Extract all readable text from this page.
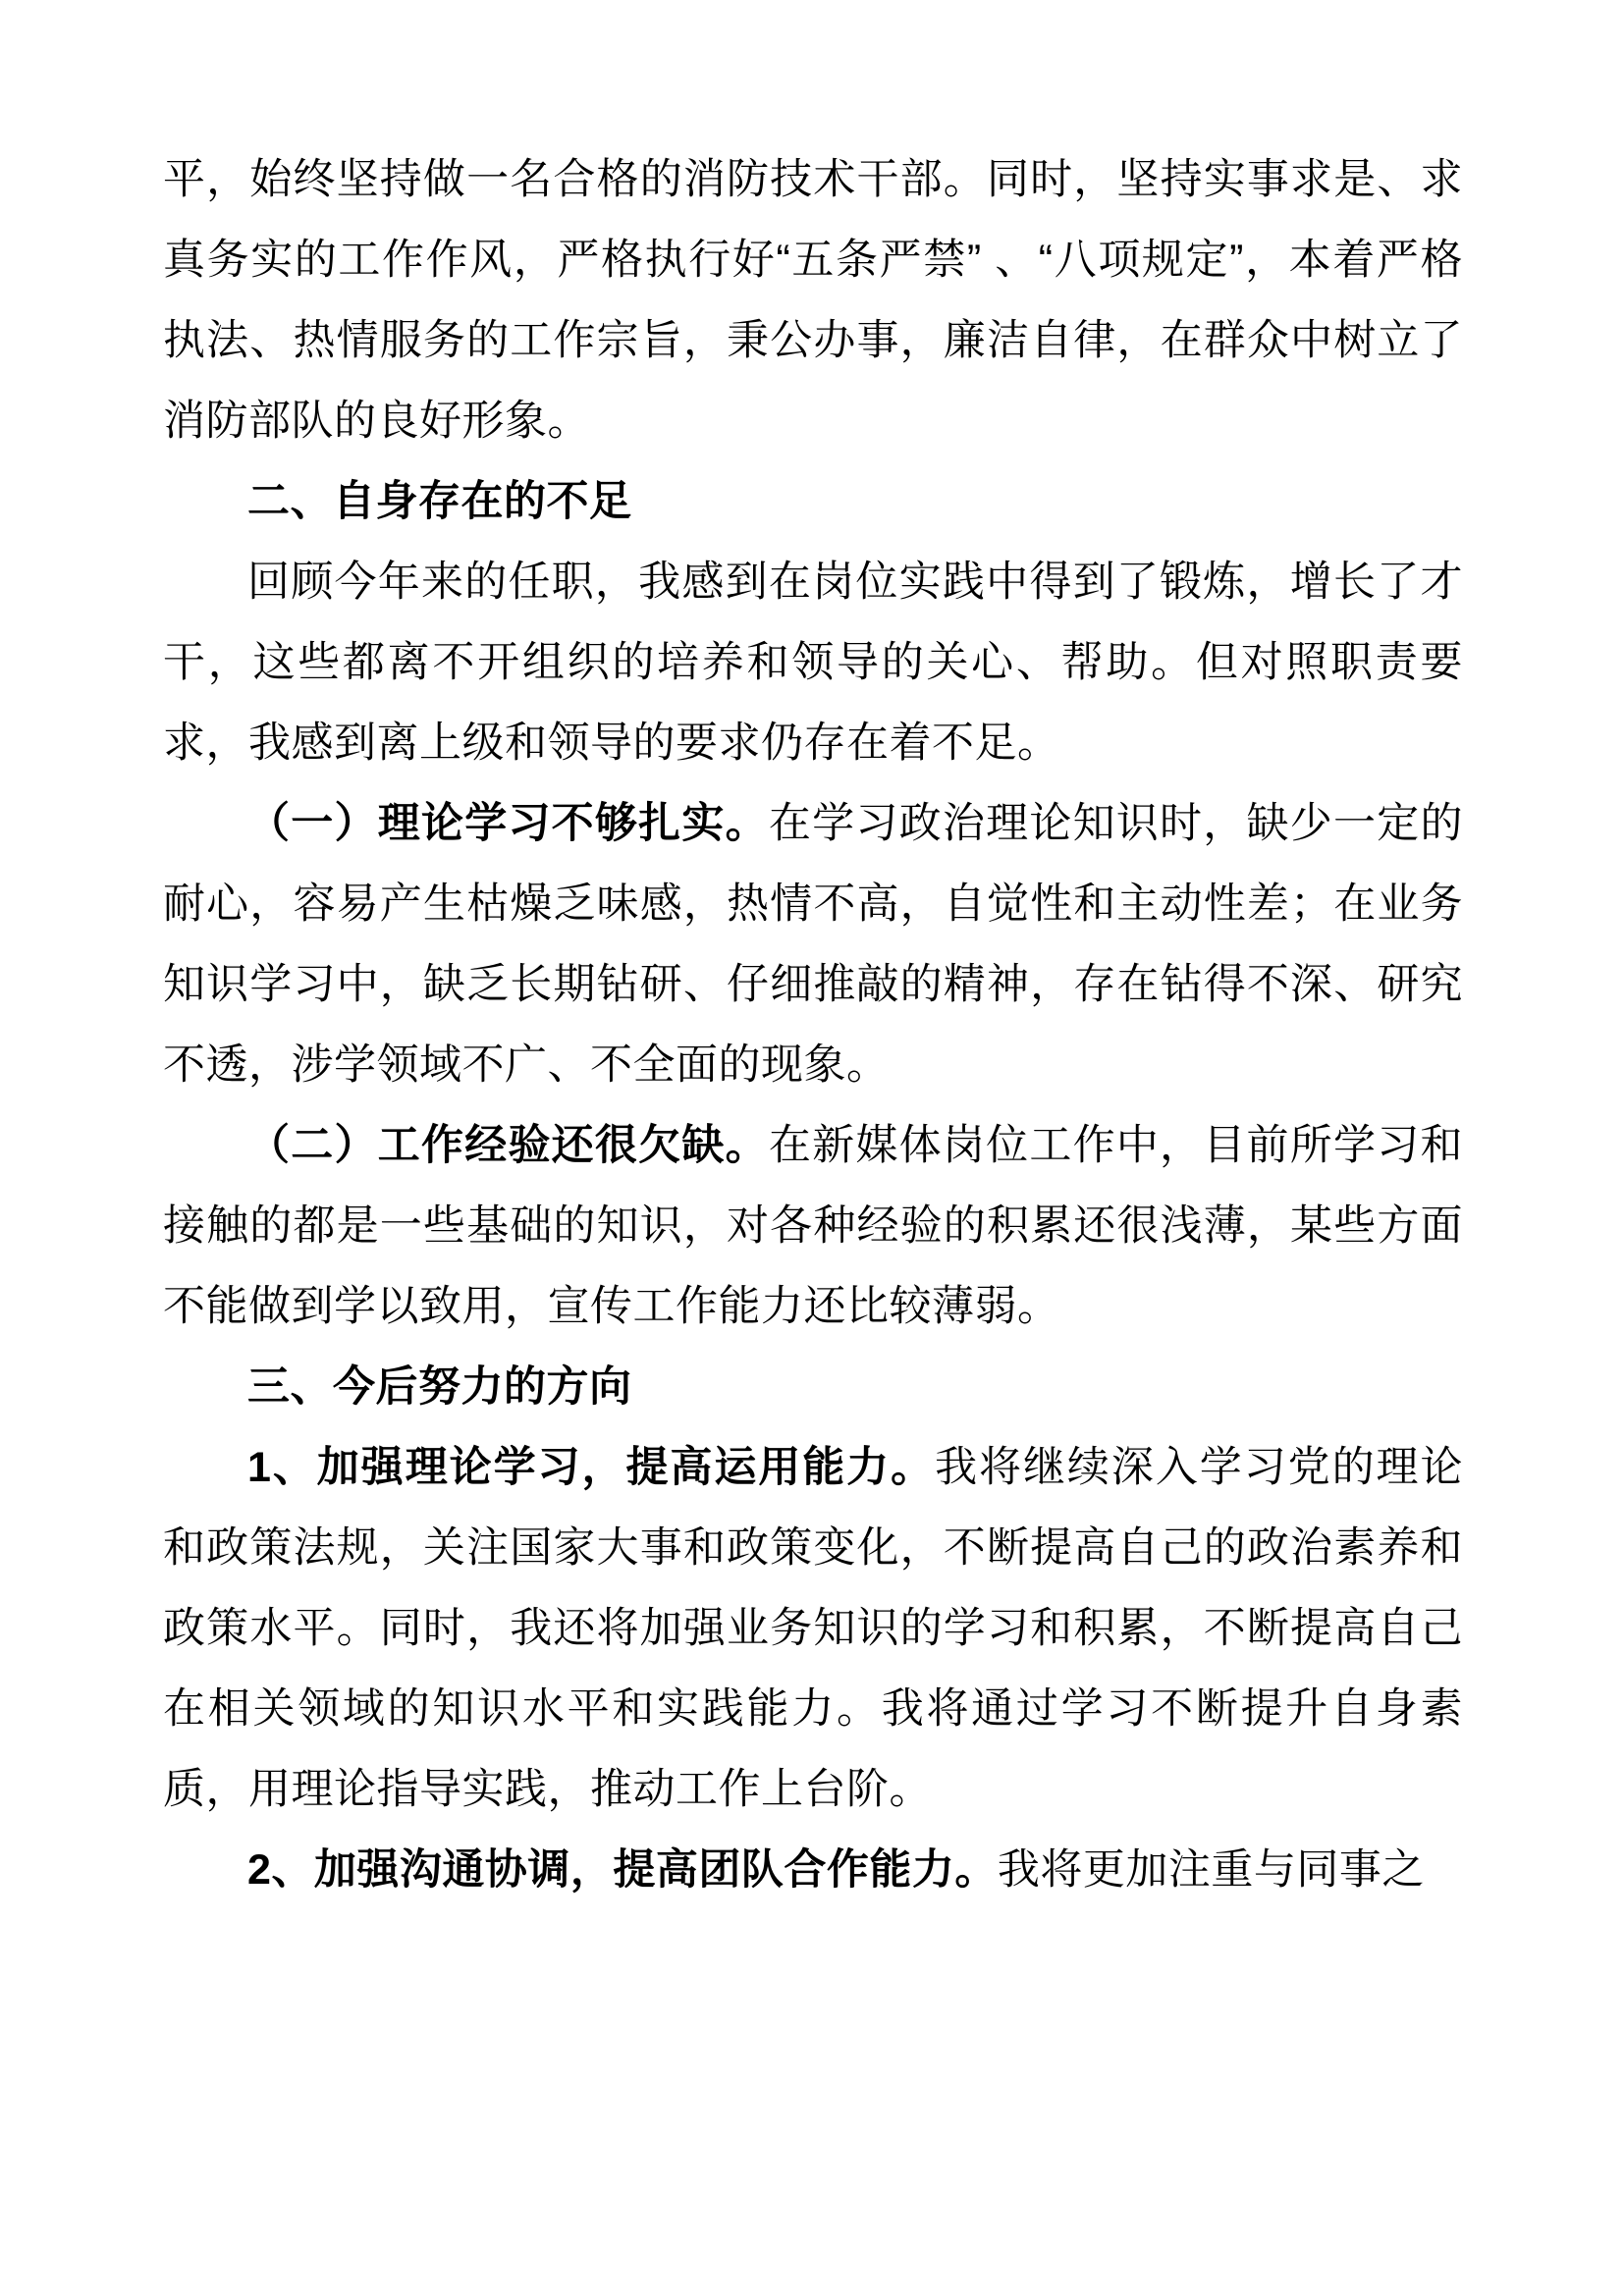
平，始终坚持做一名合格的消防技术干部。同时，坚持实事求是、求真务实的工作作风，严格执行好“五条严禁” 、“八项规定”，本着严格执法、热情服务的工作宗旨，秉公办事，廉洁自律，在群众中树立了消防部队的良好形象。

二、自身存在的不足

回顾今年来的任职，我感到在岗位实践中得到了锻炼，增长了才干，这些都离不开组织的培养和领导的关心、帮助。但对照职责要求，我感到离上级和领导的要求仍存在着不足。

（一）理论学习不够扎实。在学习政治理论知识时，缺少一定的耐心，容易产生枯燥乏味感，热情不高，自觉性和主动性差；在业务知识学习中，缺乏长期钻研、仔细推敲的精神，存在钻得不深、研究不透，涉学领域不广、不全面的现象。

（二）工作经验还很欠缺。在新媒体岗位工作中，目前所学习和接触的都是一些基础的知识，对各种经验的积累还很浅薄，某些方面不能做到学以致用，宣传工作能力还比较薄弱。

三、今后努力的方向

1、加强理论学习，提高运用能力。我将继续深入学习党的理论和政策法规，关注国家大事和政策变化，不断提高自己的政治素养和政策水平。同时，我还将加强业务知识的学习和积累，不断提高自己在相关领域的知识水平和实践能力。我将通过学习不断提升自身素质，用理论指导实践，推动工作上台阶。

2、加强沟通协调，提高团队合作能力。我将更加注重与同事之
